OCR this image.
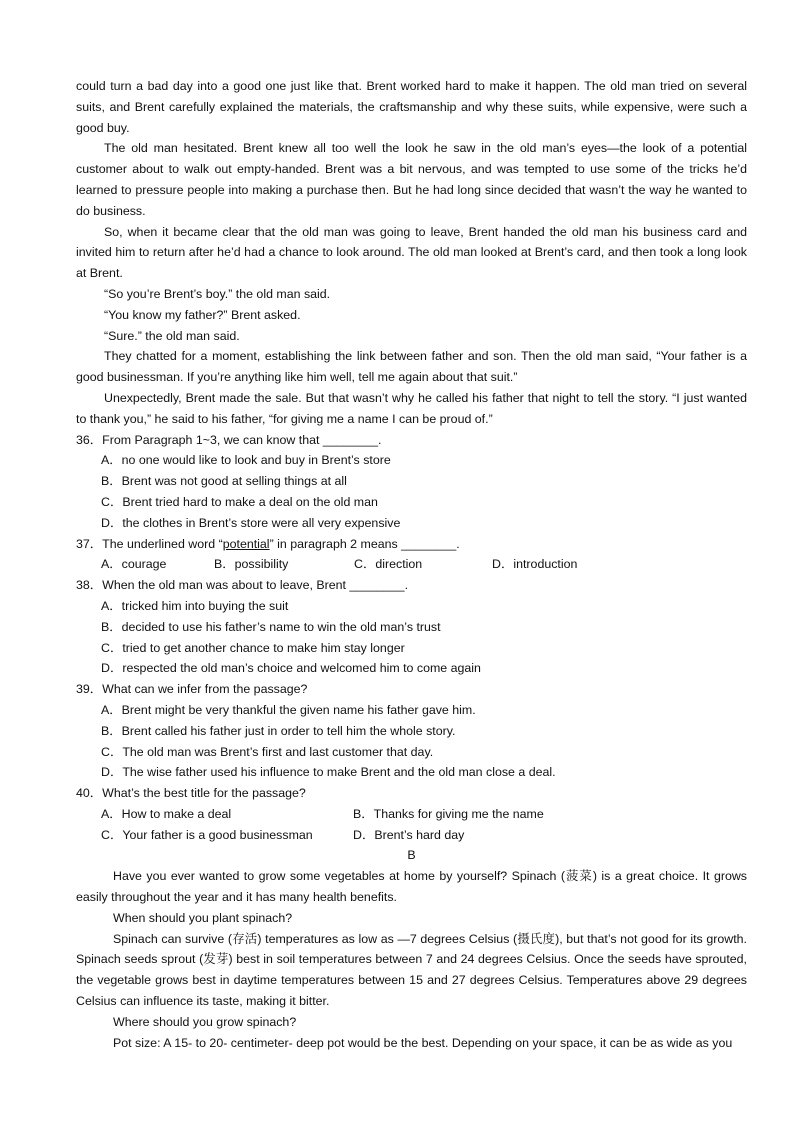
could turn a bad day into a good one just like that. Brent worked hard to make it happen. The old man tried on several suits, and Brent carefully explained the materials, the craftsmanship and why these suits, while expensive, were such a good buy.

The old man hesitated. Brent knew all too well the look he saw in the old man’s eyes—the look of a potential customer about to walk out empty-handed. Brent was a bit nervous, and was tempted to use some of the tricks he’d learned to pressure people into making a purchase then. But he had long since decided that wasn’t the way he wanted to do business.

So, when it became clear that the old man was going to leave, Brent handed the old man his business card and invited him to return after he’d had a chance to look around. The old man looked at Brent’s card, and then took a long look at Brent.

“So you’re Brent’s boy.” the old man said.

“You know my father?” Brent asked.

“Sure.” the old man said.

They chatted for a moment, establishing the link between father and son. Then the old man said, “Your father is a good businessman. If you’re anything like him well, tell me again about that suit.”

Unexpectedly, Brent made the sale. But that wasn’t why he called his father that night to tell the story. “I just wanted to thank you,” he said to his father, “for giving me a name I can be proud of.”

36．From Paragraph 1~3, we can know that ________.

A．no one would like to look and buy in Brent’s store

B．Brent was not good at selling things at all

C．Brent tried hard to make a deal on the old man

D．the clothes in Brent’s store were all very expensive

37．The underlined word “potential” in paragraph 2 means ________.

A．courage	B．possibility	C．direction	D．introduction

38．When the old man was about to leave, Brent ________.

A．tricked him into buying the suit

B．decided to use his father’s name to win the old man’s trust

C．tried to get another chance to make him stay longer

D．respected the old man’s choice and welcomed him to come again

39．What can we infer from the passage?

A．Brent might be very thankful the given name his father gave him.

B．Brent called his father just in order to tell him the whole story.

C．The old man was Brent’s first and last customer that day.

D．The wise father used his influence to make Brent and the old man close a deal.

40．What’s the best title for the passage?

A．How to make a deal	B．Thanks for giving me the name
C．Your father is a good businessman	D．Brent’s hard day

B

Have you ever wanted to grow some vegetables at home by yourself? Spinach (菠菜) is a great choice. It grows easily throughout the year and it has many health benefits.

When should you plant spinach?

Spinach can survive (存活) temperatures as low as —7 degrees Celsius (摄氏度), but that’s not good for its growth. Spinach seeds sprout (发芽) best in soil temperatures between 7 and 24 degrees Celsius. Once the seeds have sprouted, the vegetable grows best in daytime temperatures between 15 and 27 degrees Celsius. Temperatures above 29 degrees Celsius can influence its taste, making it bitter.

Where should you grow spinach?

Pot size: A 15- to 20- centimeter- deep pot would be the best. Depending on your space, it can be as wide as you
